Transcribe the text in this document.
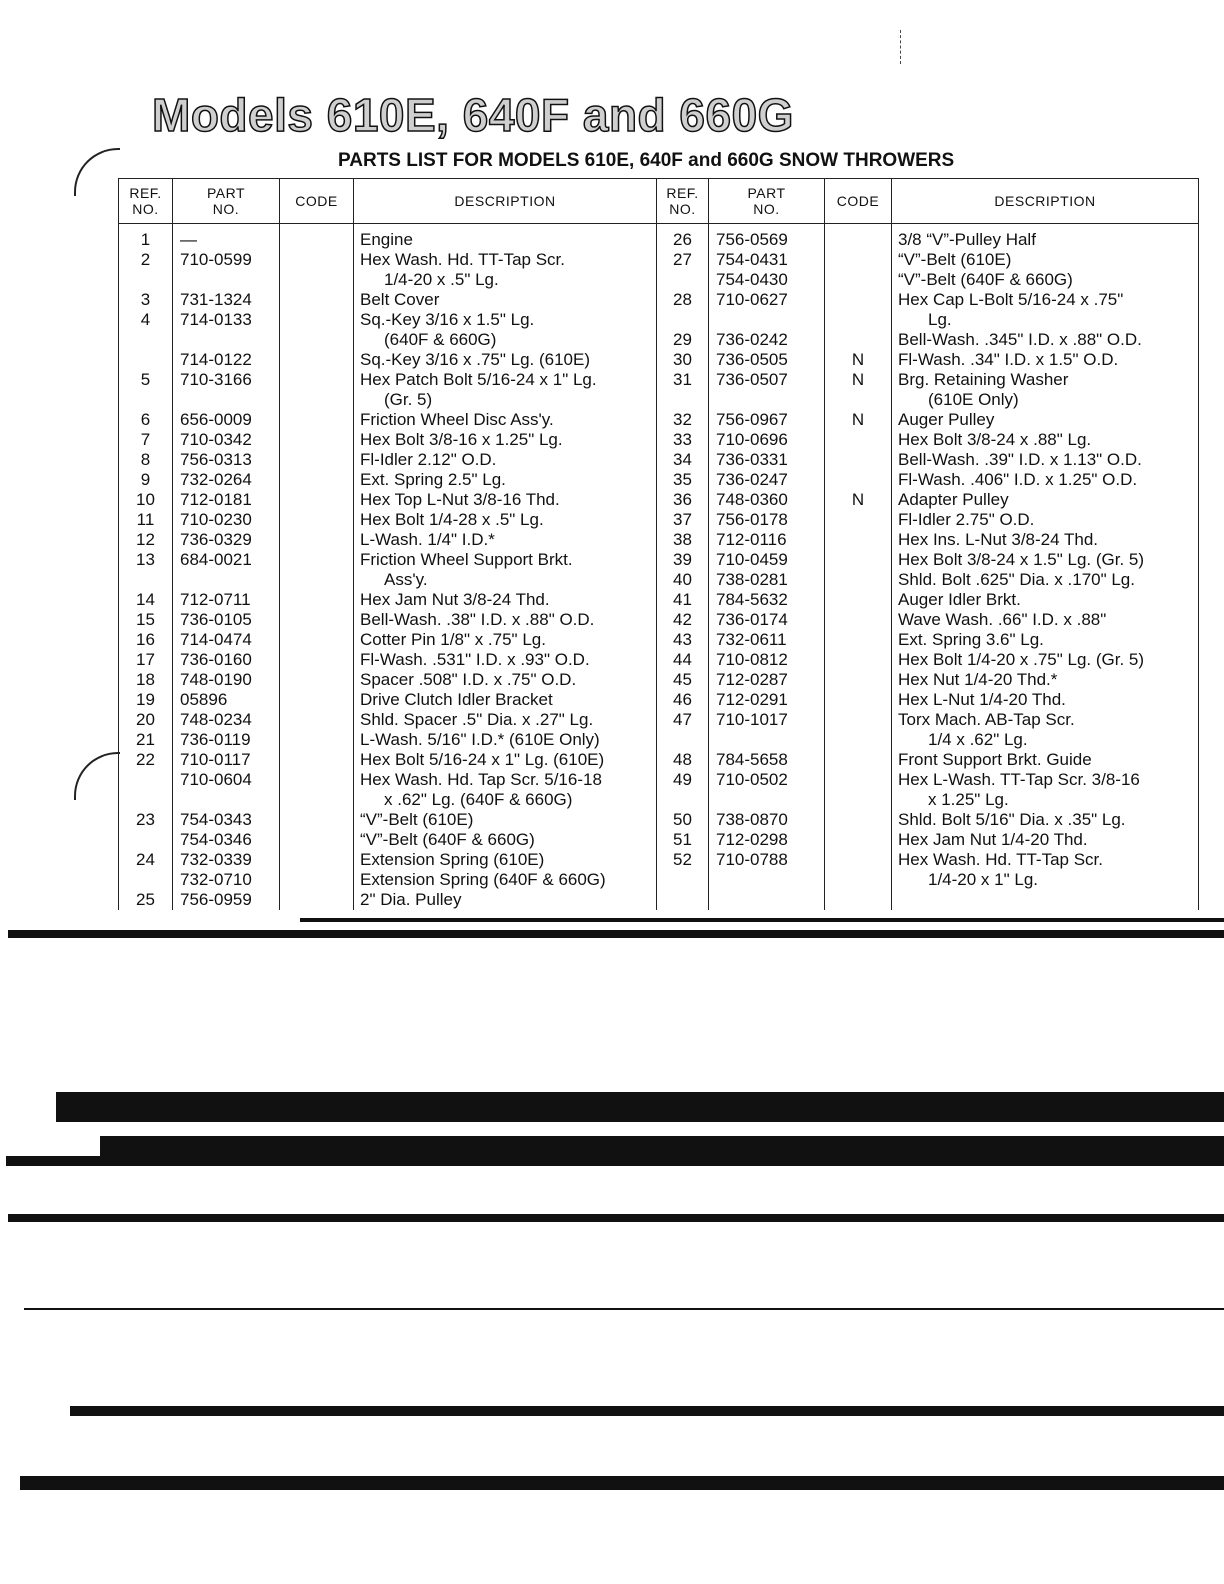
Models 610E, 640F and 660G
PARTS LIST FOR MODELS 610E, 640F and 660G SNOW THROWERS
REF.
NO.	PART
NO.	CODE	DESCRIPTION	REF.
NO.	PART
NO.	CODE	DESCRIPTION

1	—		Engine	26	756-0569		3/8 “V”-Pulley Half
2	710-0599		Hex Wash. Hd. TT-Tap Scr.	27	754-0431		“V”-Belt (610E)
			1/4-20 x .5" Lg.		754-0430		“V”-Belt (640F & 660G)
3	731-1324		Belt Cover	28	710-0627		Hex Cap L-Bolt 5/16-24 x .75"
4	714-0133		Sq.-Key 3/16 x 1.5" Lg.				Lg.
			(640F & 660G)	29	736-0242		Bell-Wash. .345" I.D. x .88" O.D.
	714-0122		Sq.-Key 3/16 x .75" Lg. (610E)	30	736-0505	N	Fl-Wash. .34" I.D. x 1.5" O.D.
5	710-3166		Hex Patch Bolt 5/16-24 x 1" Lg.	31	736-0507	N	Brg. Retaining Washer
			(Gr. 5)				(610E Only)
6	656-0009		Friction Wheel Disc Ass'y.	32	756-0967	N	Auger Pulley
7	710-0342		Hex Bolt 3/8-16 x 1.25" Lg.	33	710-0696		Hex Bolt 3/8-24 x .88" Lg.
8	756-0313		Fl-Idler 2.12" O.D.	34	736-0331		Bell-Wash. .39" I.D. x 1.13" O.D.
9	732-0264		Ext. Spring 2.5" Lg.	35	736-0247		Fl-Wash. .406" I.D. x 1.25" O.D.
10	712-0181		Hex Top L-Nut 3/8-16 Thd.	36	748-0360	N	Adapter Pulley
11	710-0230		Hex Bolt 1/4-28 x .5" Lg.	37	756-0178		Fl-Idler 2.75" O.D.
12	736-0329		L-Wash. 1/4" I.D.*	38	712-0116		Hex Ins. L-Nut 3/8-24 Thd.
13	684-0021		Friction Wheel Support Brkt.	39	710-0459		Hex Bolt 3/8-24 x 1.5" Lg. (Gr. 5)
			Ass'y.	40	738-0281		Shld. Bolt .625" Dia. x .170" Lg.
14	712-0711		Hex Jam Nut 3/8-24 Thd.	41	784-5632		Auger Idler Brkt.
15	736-0105		Bell-Wash. .38" I.D. x .88" O.D.	42	736-0174		Wave Wash. .66" I.D. x .88"
16	714-0474		Cotter Pin 1/8" x .75" Lg.	43	732-0611		Ext. Spring 3.6" Lg.
17	736-0160		Fl-Wash. .531" I.D. x .93" O.D.	44	710-0812		Hex Bolt 1/4-20 x .75" Lg. (Gr. 5)
18	748-0190		Spacer .508" I.D. x .75" O.D.	45	712-0287		Hex Nut 1/4-20 Thd.*
19	05896		Drive Clutch Idler Bracket	46	712-0291		Hex L-Nut 1/4-20 Thd.
20	748-0234		Shld. Spacer .5" Dia. x .27" Lg.	47	710-1017		Torx Mach. AB-Tap Scr.
21	736-0119		L-Wash. 5/16" I.D.* (610E Only)				1/4 x .62" Lg.
22	710-0117		Hex Bolt 5/16-24 x 1" Lg. (610E)	48	784-5658		Front Support Brkt. Guide
	710-0604		Hex Wash. Hd. Tap Scr. 5/16-18	49	710-0502		Hex L-Wash. TT-Tap Scr. 3/8-16
			x .62" Lg. (640F & 660G)				x 1.25" Lg.
23	754-0343		“V”-Belt (610E)	50	738-0870		Shld. Bolt 5/16" Dia. x .35" Lg.
	754-0346		“V”-Belt (640F & 660G)	51	712-0298		Hex Jam Nut 1/4-20 Thd.
24	732-0339		Extension Spring (610E)	52	710-0788		Hex Wash. Hd. TT-Tap Scr.
	732-0710		Extension Spring (640F & 660G)				1/4-20 x 1" Lg.
25	756-0959		2" Dia. Pulley				
